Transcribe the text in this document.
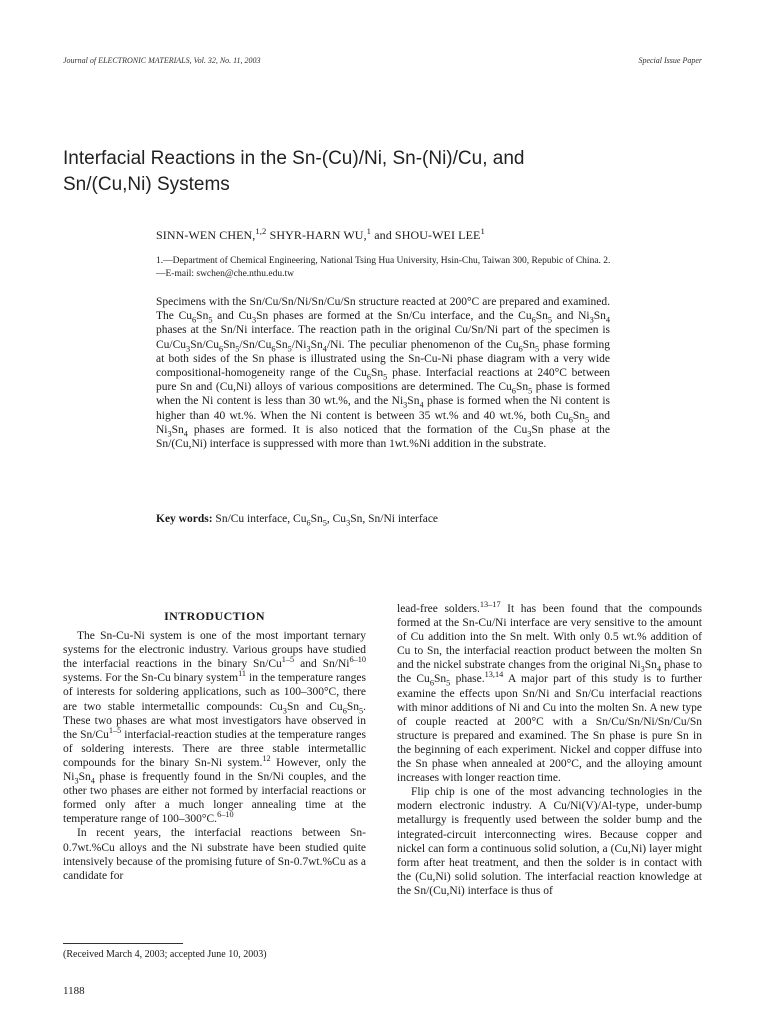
Journal of ELECTRONIC MATERIALS, Vol. 32, No. 11, 2003	Special Issue Paper
Interfacial Reactions in the Sn-(Cu)/Ni, Sn-(Ni)/Cu, and
Sn/(Cu,Ni) Systems
SINN-WEN CHEN,$^{1,2}$ SHYR-HARN WU,$^1$ and SHOU-WEI LEE$^1$
1.—Department of Chemical Engineering, National Tsing Hua University, Hsin-Chu, Taiwan 300, Repubic of China. 2.—E-mail: swchen@che.nthu.edu.tw
Specimens with the Sn/Cu/Sn/Ni/Sn/Cu/Sn structure reacted at 200°C are prepared and examined. The $Cu_6Sn_5$ and $Cu_3Sn$ phases are formed at the Sn/Cu interface, and the $Cu_6Sn_5$ and $Ni_3Sn_4$ phases at the Sn/Ni interface. The reaction path in the original Cu/Sn/Ni part of the specimen is $Cu/Cu_3Sn/Cu_6Sn_5/Sn/Cu_6Sn_5/Ni_3Sn_4/Ni$. The peculiar phenomenon of the $Cu_6Sn_5$ phase forming at both sides of the Sn phase is illustrated using the Sn-Cu-Ni phase diagram with a very wide compositional-homogeneity range of the $Cu_6Sn_5$ phase. Interfacial reactions at 240°C between pure Sn and (Cu,Ni) alloys of various compositions are determined. The $Cu_6Sn_5$ phase is formed when the Ni content is less than 30 wt.%, and the $Ni_3Sn_4$ phase is formed when the Ni content is higher than 40 wt.%. When the Ni content is between 35 wt.% and 40 wt.%, both $Cu_6Sn_5$ and $Ni_3Sn_4$ phases are formed. It is also noticed that the formation of the $Cu_3Sn$ phase at the Sn/(Cu,Ni) interface is suppressed with more than 1wt.%Ni addition in the substrate.
Key words: Sn/Cu interface, $Cu_6Sn_5$, $Cu_3Sn$, Sn/Ni interface
INTRODUCTION

The Sn-Cu-Ni system is one of the most important ternary systems for the electronic industry. Various groups have studied the interfacial reactions in the binary Sn/Cu$^{1-5}$ and Sn/Ni$^{6-10}$ systems. For the Sn-Cu binary system$^{11}$ in the temperature ranges of interests for soldering applications, such as 100–300°C, there are two stable intermetallic compounds: $Cu_3Sn$ and $Cu_6Sn_5$. These two phases are what most investigators have observed in the Sn/Cu$^{1-5}$ interfacial-reaction studies at the temperature ranges of soldering interests. There are three stable intermetallic compounds for the binary Sn-Ni system.$^{12}$ However, only the $Ni_3Sn_4$ phase is frequently found in the Sn/Ni couples, and the other two phases are either not formed by interfacial reactions or formed only after a much longer annealing time at the temperature range of 100–300°C.$^{6-10}$

In recent years, the interfacial reactions between Sn-0.7wt.%Cu alloys and the Ni substrate have been studied quite intensively because of the promising future of Sn-0.7wt.%Cu as a candidate for

lead-free solders.$^{13-17}$ It has been found that the compounds formed at the Sn-Cu/Ni interface are very sensitive to the amount of Cu addition into the Sn melt. With only 0.5 wt.% addition of Cu to Sn, the interfacial reaction product between the molten Sn and the nickel substrate changes from the original $Ni_3Sn_4$ phase to the $Cu_6Sn_5$ phase.$^{13,14}$ A major part of this study is to further examine the effects upon Sn/Ni and Sn/Cu interfacial reactions with minor additions of Ni and Cu into the molten Sn. A new type of couple reacted at 200°C with a Sn/Cu/Sn/Ni/Sn/Cu/Sn structure is prepared and examined. The Sn phase is pure Sn in the beginning of each experiment. Nickel and copper diffuse into the Sn phase when annealed at 200°C, and the alloying amount increases with longer reaction time.

Flip chip is one of the most advancing technologies in the modern electronic industry. A Cu/Ni(V)/Al-type, under-bump metallurgy is frequently used between the solder bump and the integrated-circuit interconnecting wires. Because copper and nickel can form a continuous solid solution, a (Cu,Ni) layer might form after heat treatment, and then the solder is in contact with the (Cu,Ni) solid solution. The interfacial reaction knowledge at the Sn/(Cu,Ni) interface is thus of

(Received March 4, 2003; accepted June 10, 2003)
1188
